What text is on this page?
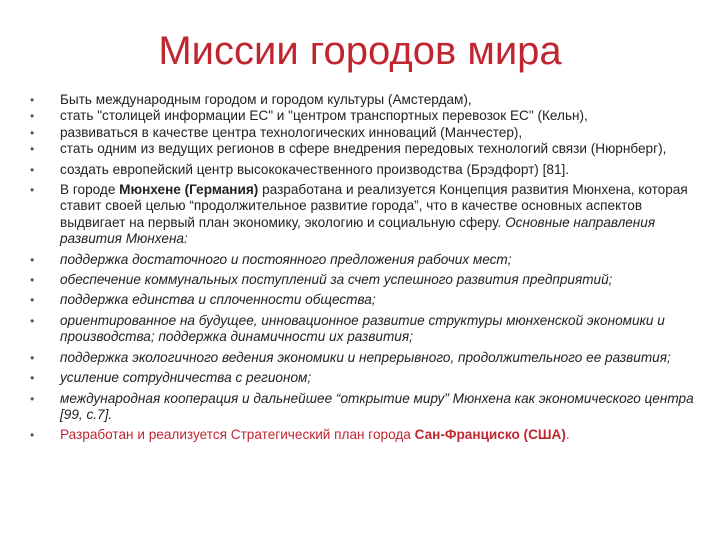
Миссии городов мира
• Быть международным городом и городом культуры (Амстердам),
• стать "столицей информации ЕС" и "центром транспортных перевозок ЕС" (Кельн),
• развиваться в качестве центра технологических инноваций (Манчестер),
• стать одним из ведущих регионов в сфере внедрения передовых технологий связи (Нюрнберг),
• создать европейский центр высококачественного производства (Брэдфорт) [81].
• В городе Мюнхене (Германия) разработана и реализуется Концепция развития Мюнхена, которая ставит своей целью “продолжительное развитие города”, что в качестве основных аспектов выдвигает на первый план экономику, экологию и социальную сферу. Основные направления развития Мюнхена:
• поддержка достаточного и постоянного предложения рабочих мест;
• обеспечение коммунальных поступлений за счет успешного развития предприятий;
• поддержка единства и сплоченности общества;
• ориентированное на будущее, инновационное развитие структуры мюнхенской экономики и производства; поддержка динамичности их развития;
• поддержка экологичного ведения экономики и непрерывного, продолжительного ее развития;
• усиление сотрудничества с регионом;
• международная кооперация и дальнейшее “открытие миру” Мюнхена как экономического центра [99, с.7].
• Разработан и реализуется Стратегический план города Сан-Франциско (США).
